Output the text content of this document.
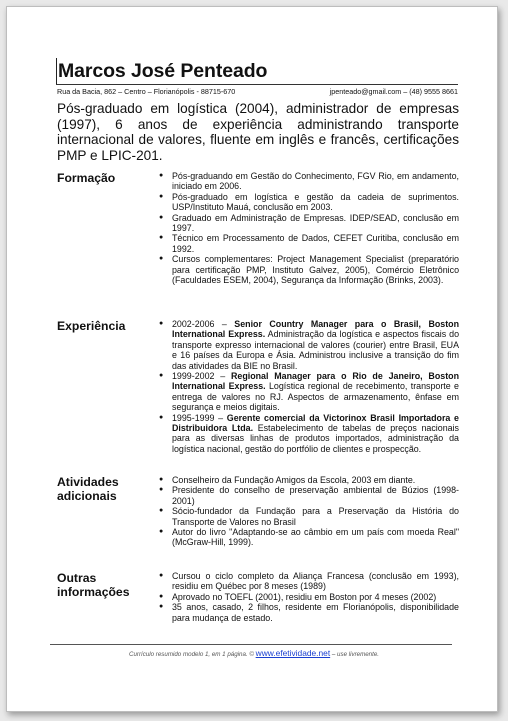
Marcos José Penteado
Rua da Bacia, 862 – Centro – Florianópolis - 88715-670	jpenteado@gmail.com – (48) 9555 8661
Pós-graduado em logística (2004), administrador de empresas (1997), 6 anos de experiência administrando transporte internacional de valores, fluente em inglês e francês, certificações PMP e LPIC-201.
Formação	● Pós-graduando em Gestão do Conhecimento, FGV Rio, em andamento, iniciado em 2006.
● Pós-graduado em logística e gestão da cadeia de suprimentos. USP/Instituto Mauá, conclusão em 2003.
● Graduado em Administração de Empresas. IDEP/SEAD, conclusão em 1997.
● Técnico em Processamento de Dados, CEFET Curitiba, conclusão em 1992.
● Cursos complementares: Project Management Specialist (preparatório para certificação PMP, Instituto Galvez, 2005), Comércio Eletrônico (Faculdades ESEM, 2004), Segurança da Informação (Brinks, 2003).
Experiência	● 2002-2006 – Senior Country Manager para o Brasil, Boston International Express. Administração da logística e aspectos fiscais do transporte expresso internacional de valores (courier) entre Brasil, EUA e 16 países da Europa e Ásia. Administrou inclusive a transição do fim das atividades da BIE no Brasil.
● 1999-2002 – Regional Manager para o Rio de Janeiro, Boston International Express. Logística regional de recebimento, transporte e entrega de valores no RJ. Aspectos de armazenamento, ênfase em segurança e meios digitais.
● 1995-1999 – Gerente comercial da Victorinox Brasil Importadora e Distribuidora Ltda. Estabelecimento de tabelas de preços nacionais para as diversas linhas de produtos importados, administração da logística nacional, gestão do portfólio de clientes e prospecção.
Atividades adicionais
● Conselheiro da Fundação Amigos da Escola, 2003 em diante.
● Presidente do conselho de preservação ambiental de Búzios (1998-2001)
● Sócio-fundador da Fundação para a Preservação da História do Transporte de Valores no Brasil
● Autor do livro "Adaptando-se ao câmbio em um país com moeda Real" (McGraw-Hill, 1999).
Outras informações
● Cursou o ciclo completo da Aliança Francesa (conclusão em 1993), residiu em Québec por 8 meses (1989)
● Aprovado no TOEFL (2001), residiu em Boston por 4 meses (2002)
● 35 anos, casado, 2 filhos, residente em Florianópolis, disponibilidade para mudança de estado.
Currículo resumido modelo 1, em 1 página. © www.efetividade.net – use livremente.
